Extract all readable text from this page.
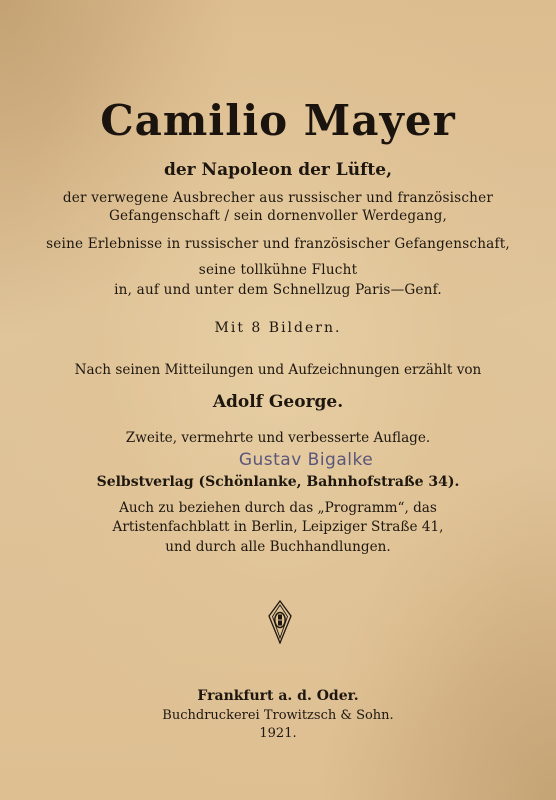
Camilio Mayer
der Napoleon der Lüfte,
der verwegene Ausbrecher aus russischer und französischer
Gefangenschaft / sein dornenvoller Werdegang,
seine Erlebnisse in russischer und französischer Gefangenschaft,
seine tollkühne Flucht
in, auf und unter dem Schnellzug Paris—Genf.
Mit 8 Bildern.
Nach seinen Mitteilungen und Aufzeichnungen erzählt von
Adolf George.
Zweite, vermehrte und verbesserte Auflage.
Gustav Bigalke
Selbstverlag (Schönlanke, Bahnhofstraße 34).
Auch zu beziehen durch das „Programm“, das
Artistenfachblatt in Berlin, Leipziger Straße 41,
und durch alle Buchhandlungen.
Frankfurt a. d. Oder.
Buchdruckerei Trowitzsch & Sohn.
1921.
